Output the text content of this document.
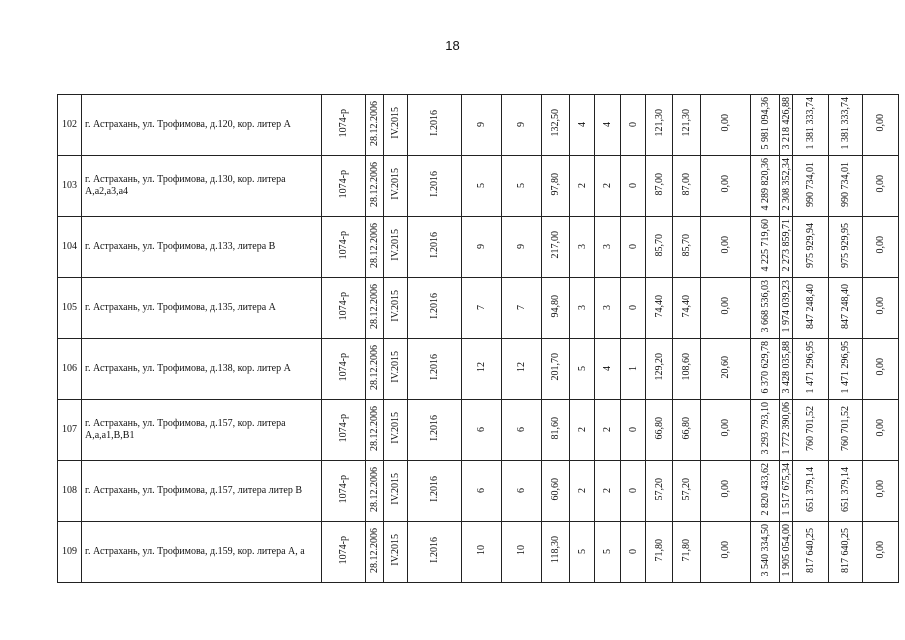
18
102	г. Астрахань, ул. Трофимова, д.120, кор. литер А	1074-р	28.12.2006	IV.2015	I.2016	9	9	132,50	4	4	0	121,30	121,30	0,00	5 981 094,36	3 218 426,88	1 381 333,74	1 381 333,74	0,00
103	г. Астрахань, ул. Трофимова, д.130, кор. литера А,а2,а3,а4	1074-р	28.12.2006	IV.2015	I.2016	5	5	97,80	2	2	0	87,00	87,00	0,00	4 289 820,36	2 308 352,34	990 734,01	990 734,01	0,00
104	г. Астрахань, ул. Трофимова, д.133, литера В	1074-р	28.12.2006	IV.2015	I.2016	9	9	217,00	3	3	0	85,70	85,70	0,00	4 225 719,60	2 273 859,71	975 929,94	975 929,95	0,00
105	г. Астрахань, ул. Трофимова, д.135, литера А	1074-р	28.12.2006	IV.2015	I.2016	7	7	94,80	3	3	0	74,40	74,40	0,00	3 668 536,03	1 974 039,23	847 248,40	847 248,40	0,00
106	г. Астрахань, ул. Трофимова, д.138, кор. литер А	1074-р	28.12.2006	IV.2015	I.2016	12	12	201,70	5	4	1	129,20	108,60	20,60	6 370 629,78	3 428 035,88	1 471 296,95	1 471 296,95	0,00
107	г. Астрахань, ул. Трофимова, д.157, кор. литера А,а,а1,В,В1	1074-р	28.12.2006	IV.2015	I.2016	6	6	81,60	2	2	0	66,80	66,80	0,00	3 293 793,10	1 772 390,06	760 701,52	760 701,52	0,00
108	г. Астрахань, ул. Трофимова, д.157, литера литер В	1074-р	28.12.2006	IV.2015	I.2016	6	6	60,60	2	2	0	57,20	57,20	0,00	2 820 433,62	1 517 675,34	651 379,14	651 379,14	0,00
109	г. Астрахань, ул. Трофимова, д.159, кор. литера А, а	1074-р	28.12.2006	IV.2015	I.2016	10	10	118,30	5	5	0	71,80	71,80	0,00	3 540 334,50	1 905 054,00	817 640,25	817 640,25	0,00
